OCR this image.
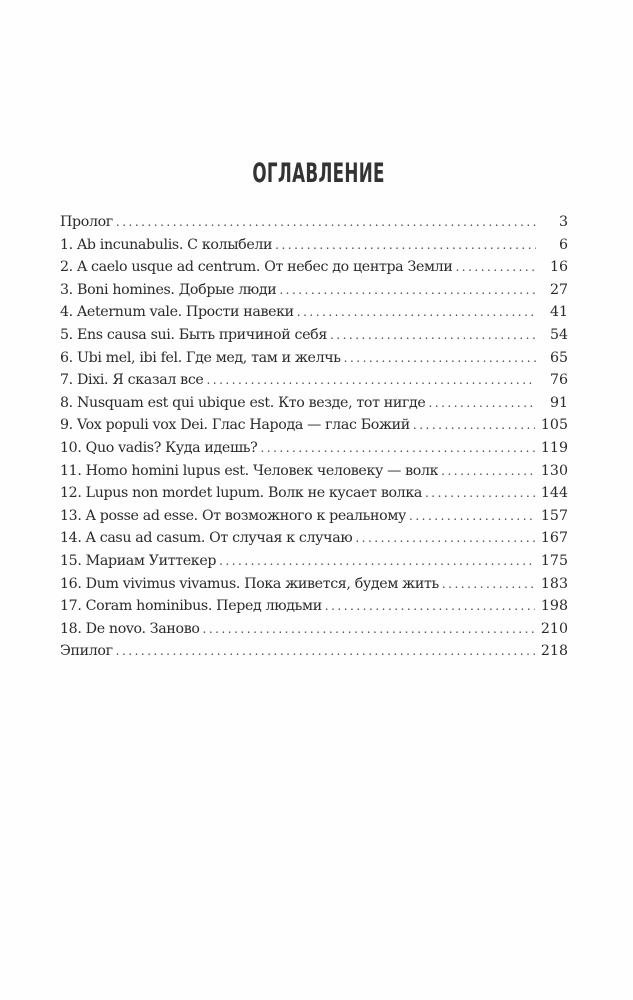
ОГЛАВЛЕНИЕ
Пролог .....	3
1. Ab incunabulis. С колыбели .....	6
2. A caelo usque ad centrum. От небес до центра Земли .....	16
3. Boni homines. Добрые люди .....	27
4. Aeternum vale. Прости навеки .....	41
5. Ens causa sui. Быть причиной себя .....	54
6. Ubi mel, ibi fel. Где мед, там и желчь .....	65
7. Dixi. Я сказал все .....	76
8. Nusquam est qui ubique est. Кто везде, тот нигде .....	91
9. Vox populi vox Dei. Глас Народа — глас Божий .....	105
10. Quo vadis? Куда идешь? .....	119
11. Homo homini lupus est. Человек человеку — волк .....	130
12. Lupus non mordet lupum. Волк не кусает волка .....	144
13. A posse ad esse. От возможного к реальному .....	157
14. A casu ad casum. От случая к случаю .....	167
15. Мариам Уиттекер .....	175
16. Dum vivimus vivamus. Пока живется, будем жить .....	183
17. Coram hominibus. Перед людьми .....	198
18. De novo. Заново .....	210
Эпилог .....	218
